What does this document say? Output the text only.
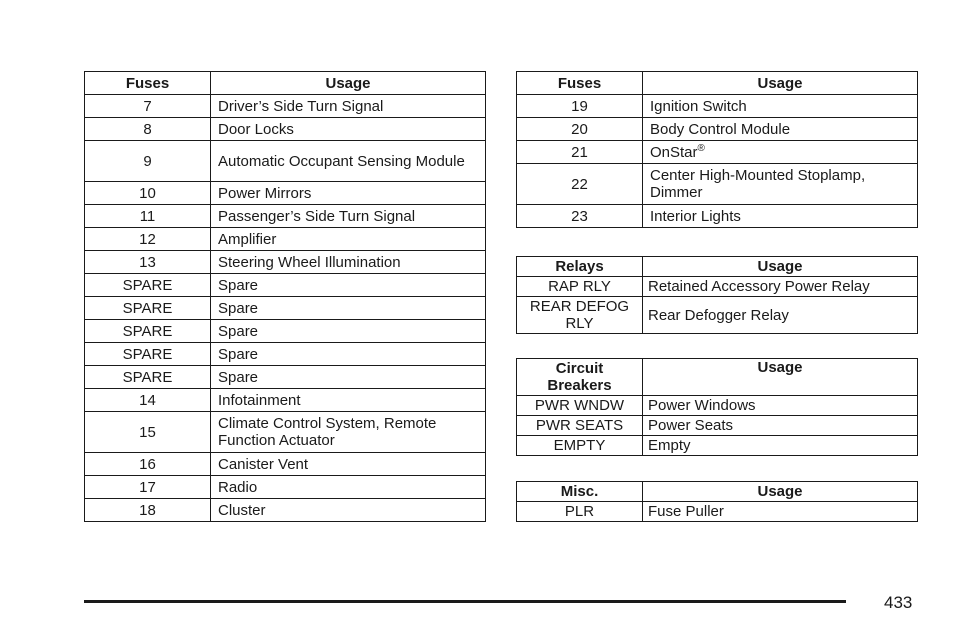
Fuses	Usage
7	Driver’s Side Turn Signal
8	Door Locks
9	Automatic Occupant Sensing Module
10	Power Mirrors
11	Passenger’s Side Turn Signal
12	Amplifier
13	Steering Wheel Illumination
SPARE	Spare
SPARE	Spare
SPARE	Spare
SPARE	Spare
SPARE	Spare
14	Infotainment
15	Climate Control System, Remote Function Actuator
16	Canister Vent
17	Radio
18	Cluster
Fuses	Usage
19	Ignition Switch
20	Body Control Module
21	OnStar®
22	Center High-Mounted Stoplamp, Dimmer
23	Interior Lights
Relays	Usage
RAP RLY	Retained Accessory Power Relay
REAR DEFOG RLY	Rear Defogger Relay
Circuit Breakers	Usage
PWR WNDW	Power Windows
PWR SEATS	Power Seats
EMPTY	Empty
Misc.	Usage
PLR	Fuse Puller
433
